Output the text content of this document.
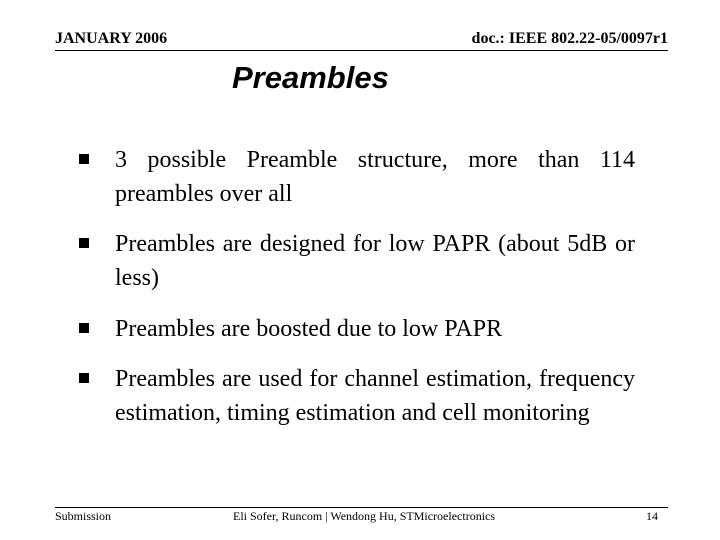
JANUARY 2006	doc.: IEEE 802.22-05/0097r1
Preambles
3 possible Preamble structure, more than 114 preambles over all
Preambles are designed for low PAPR (about 5dB or less)
Preambles are boosted due to low PAPR
Preambles are used for channel estimation, frequency estimation, timing estimation and cell monitoring
Submission	Eli Sofer, Runcom | Wendong Hu, STMicroelectronics	14
